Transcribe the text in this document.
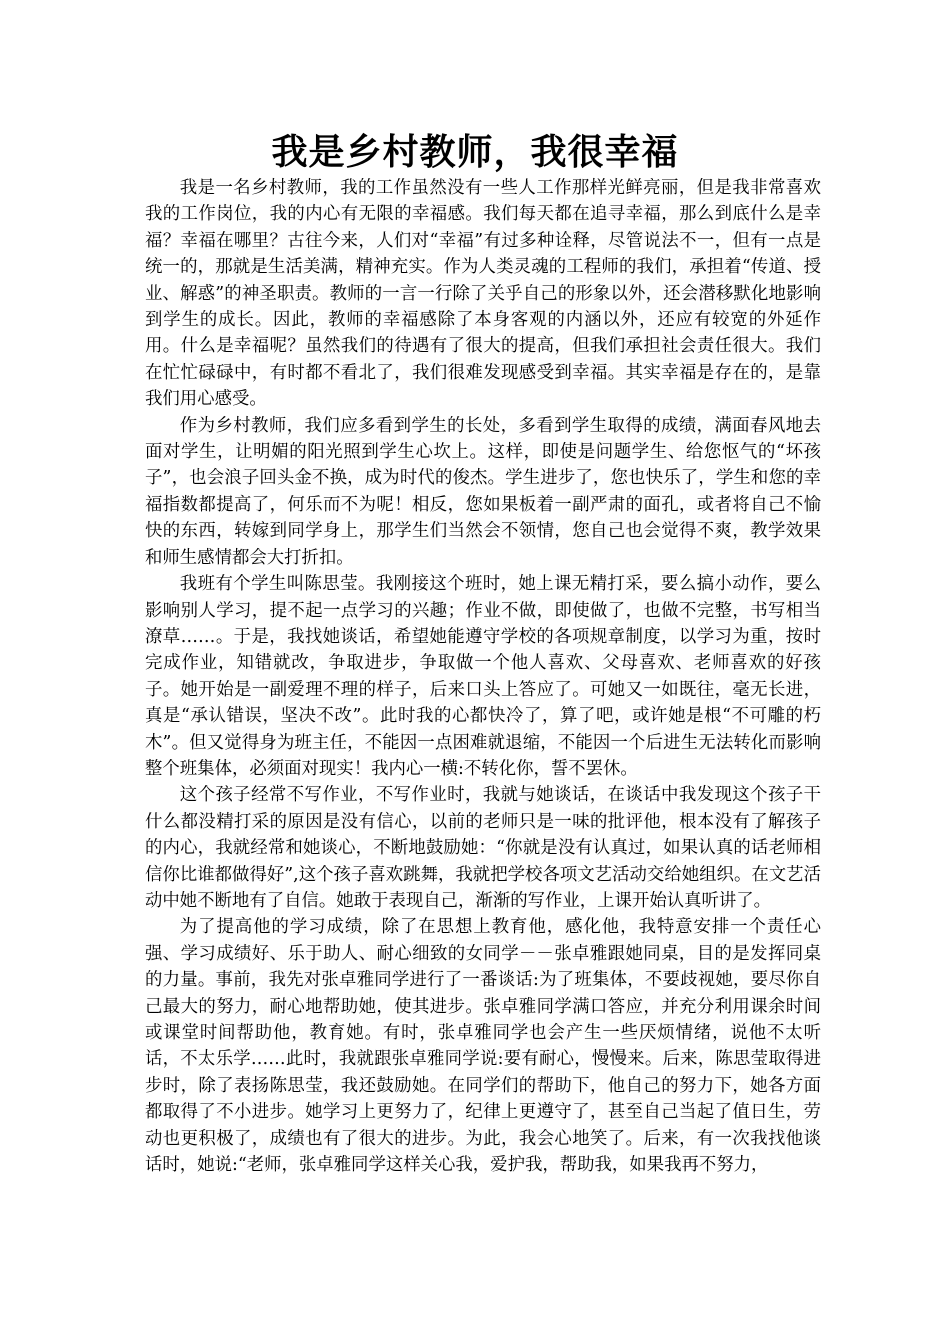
我是乡村教师，我很幸福

我是一名乡村教师，我的工作虽然没有一些人工作那样光鲜亮丽，但是我非常喜欢我的工作岗位，我的内心有无限的幸福感。我们每天都在追寻幸福，那么到底什么是幸福？幸福在哪里？古往今来，人们对“幸福”有过多种诠释，尽管说法不一，但有一点是统一的，那就是生活美满，精神充实。作为人类灵魂的工程师的我们，承担着“传道、授业、解惑”的神圣职责。教师的一言一行除了关乎自己的形象以外，还会潜移默化地影响到学生的成长。因此，教师的幸福感除了本身客观的内涵以外，还应有较宽的外延作用。什么是幸福呢？虽然我们的待遇有了很大的提高，但我们承担社会责任很大。我们在忙忙碌碌中，有时都不看北了，我们很难发现感受到幸福。其实幸福是存在的，是靠我们用心感受。

作为乡村教师，我们应多看到学生的长处，多看到学生取得的成绩，满面春风地去面对学生，让明媚的阳光照到学生心坎上。这样，即使是问题学生、给您怄气的“坏孩子”，也会浪子回头金不换，成为时代的俊杰。学生进步了，您也快乐了，学生和您的幸福指数都提高了，何乐而不为呢！相反，您如果板着一副严肃的面孔，或者将自己不愉快的东西，转嫁到同学身上，那学生们当然会不领情，您自己也会觉得不爽，教学效果和师生感情都会大打折扣。

我班有个学生叫陈思莹。我刚接这个班时，她上课无精打采，要么搞小动作，要么影响别人学习，提不起一点学习的兴趣；作业不做，即使做了，也做不完整，书写相当潦草……。于是，我找她谈话，希望她能遵守学校的各项规章制度，以学习为重，按时完成作业，知错就改，争取进步，争取做一个他人喜欢、父母喜欢、老师喜欢的好孩子。她开始是一副爱理不理的样子，后来口头上答应了。可她又一如既往，毫无长进，真是“承认错误，坚决不改”。此时我的心都快冷了，算了吧，或许她是根“不可雕的朽木”。但又觉得身为班主任，不能因一点困难就退缩，不能因一个后进生无法转化而影响整个班集体，必须面对现实！我内心一横:不转化你，誓不罢休。

这个孩子经常不写作业，不写作业时，我就与她谈话，在谈话中我发现这个孩子干什么都没精打采的原因是没有信心，以前的老师只是一味的批评他，根本没有了解孩子的内心，我就经常和她谈心，不断地鼓励她：“你就是没有认真过，如果认真的话老师相信你比谁都做得好”,这个孩子喜欢跳舞，我就把学校各项文艺活动交给她组织。在文艺活动中她不断地有了自信。她敢于表现自己，渐渐的写作业，上课开始认真听讲了。

为了提高他的学习成绩，除了在思想上教育他，感化他，我特意安排一个责任心强、学习成绩好、乐于助人、耐心细致的女同学－－张卓雅跟她同桌，目的是发挥同桌的力量。事前，我先对张卓雅同学进行了一番谈话:为了班集体，不要歧视她，要尽你自己最大的努力，耐心地帮助她，使其进步。张卓雅同学满口答应，并充分利用课余时间或课堂时间帮助他，教育她。有时，张卓雅同学也会产生一些厌烦情绪，说他不太听话，不太乐学……此时，我就跟张卓雅同学说:要有耐心，慢慢来。后来，陈思莹取得进步时，除了表扬陈思莹，我还鼓励她。在同学们的帮助下，他自己的努力下，她各方面都取得了不小进步。她学习上更努力了，纪律上更遵守了，甚至自己当起了值日生，劳动也更积极了，成绩也有了很大的进步。为此，我会心地笑了。后来，有一次我找他谈话时，她说:“老师，张卓雅同学这样关心我，爱护我，帮助我，如果我再不努力，
